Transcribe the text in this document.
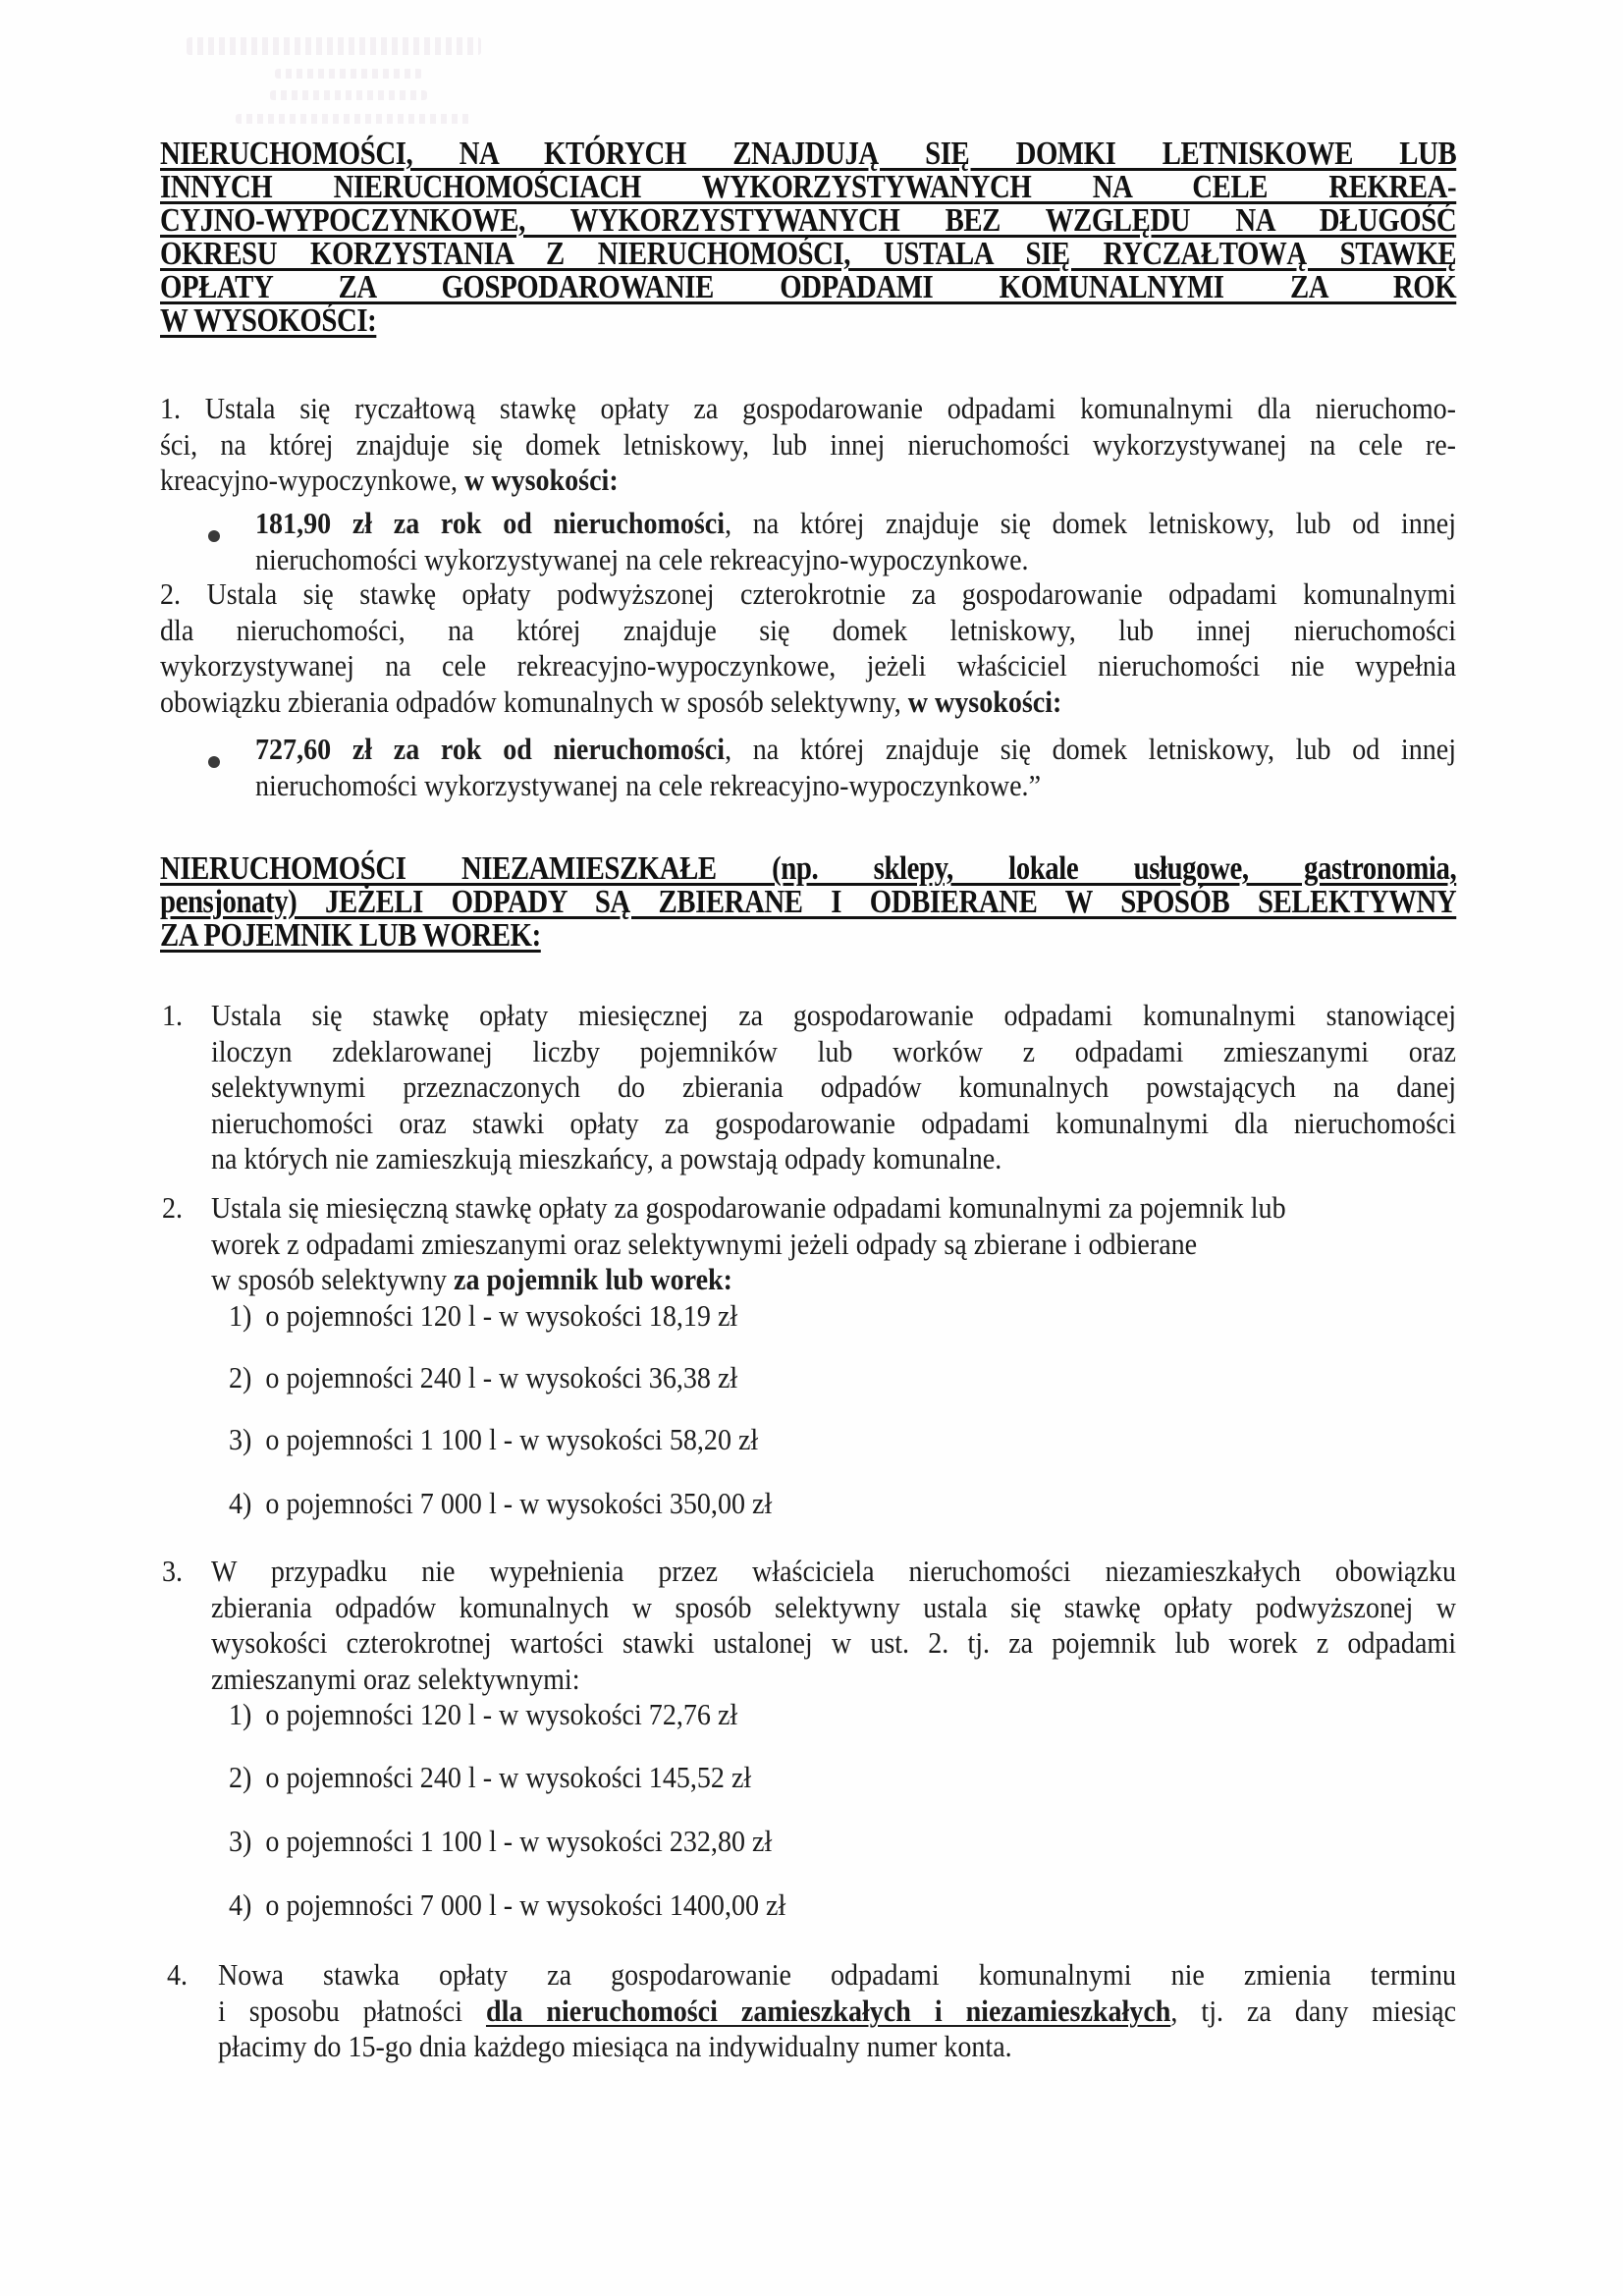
NIERUCHOMOŚCI, NA KTÓRYCH ZNAJDUJĄ SIĘ DOMKI LETNISKOWE LUB
INNYCH NIERUCHOMOŚCIACH WYKORZYSTYWANYCH NA CELE REKREA-
CYJNO-WYPOCZYNKOWE, WYKORZYSTYWANYCH BEZ WZGLĘDU NA DŁUGOŚĆ
OKRESU KORZYSTANIA Z NIERUCHOMOŚCI, USTALA SIĘ RYCZAŁTOWĄ STAWKĘ
OPŁATY ZA GOSPODAROWANIE ODPADAMI KOMUNALNYMI ZA ROK
W WYSOKOŚCI:
1. Ustala się ryczałtową stawkę opłaty za gospodarowanie odpadami komunalnymi dla nieruchomo-
ści, na której znajduje się domek letniskowy, lub innej nieruchomości wykorzystywanej na cele re-
kreacyjno-wypoczynkowe, w wysokości:
181,90 zł za rok od nieruchomości, na której znajduje się domek letniskowy, lub od innej
nieruchomości wykorzystywanej na cele rekreacyjno-wypoczynkowe.
2. Ustala się stawkę opłaty podwyższonej czterokrotnie za gospodarowanie odpadami komunalnymi
dla nieruchomości, na której znajduje się domek letniskowy, lub innej nieruchomości
wykorzystywanej na cele rekreacyjno-wypoczynkowe, jeżeli właściciel nieruchomości nie wypełnia
obowiązku zbierania odpadów komunalnych w sposób selektywny, w wysokości:
727,60 zł za rok od nieruchomości, na której znajduje się domek letniskowy, lub od innej
nieruchomości wykorzystywanej na cele rekreacyjno-wypoczynkowe.”
NIERUCHOMOŚCI NIEZAMIESZKAŁE (np. sklepy, lokale usługowe, gastronomia,
pensjonaty) JEŻELI ODPADY SĄ ZBIERANE I ODBIERANE W SPOSÓB SELEKTYWNY
ZA POJEMNIK LUB WOREK:
1. Ustala się stawkę opłaty miesięcznej za gospodarowanie odpadami komunalnymi stanowiącej
iloczyn zdeklarowanej liczby pojemników lub worków z odpadami zmieszanymi oraz
selektywnymi przeznaczonych do zbierania odpadów komunalnych powstających na danej
nieruchomości oraz stawki opłaty za gospodarowanie odpadami komunalnymi dla nieruchomości
na których nie zamieszkują mieszkańcy, a powstają odpady komunalne.
2. Ustala się miesięczną stawkę opłaty za gospodarowanie odpadami komunalnymi za pojemnik lub
worek z odpadami zmieszanymi oraz selektywnymi jeżeli odpady są zbierane i odbierane
w sposób selektywny za pojemnik lub worek:
1) o pojemności 120 l - w wysokości 18,19 zł
2) o pojemności 240 l - w wysokości 36,38 zł
3) o pojemności 1 100 l - w wysokości 58,20 zł
4) o pojemności 7 000 l - w wysokości 350,00 zł
3. W przypadku nie wypełnienia przez właściciela nieruchomości niezamieszkałych obowiązku
zbierania odpadów komunalnych w sposób selektywny ustala się stawkę opłaty podwyższonej w
wysokości czterokrotnej wartości stawki ustalonej w ust. 2. tj. za pojemnik lub worek z odpadami
zmieszanymi oraz selektywnymi:
1) o pojemności 120 l - w wysokości 72,76 zł
2) o pojemności 240 l - w wysokości 145,52 zł
3) o pojemności 1 100 l - w wysokości 232,80 zł
4) o pojemności 7 000 l - w wysokości 1400,00 zł
4. Nowa stawka opłaty za gospodarowanie odpadami komunalnymi nie zmienia terminu
i sposobu płatności dla nieruchomości zamieszkałych i niezamieszkałych, tj. za dany miesiąc
płacimy do 15-go dnia każdego miesiąca na indywidualny numer konta.
